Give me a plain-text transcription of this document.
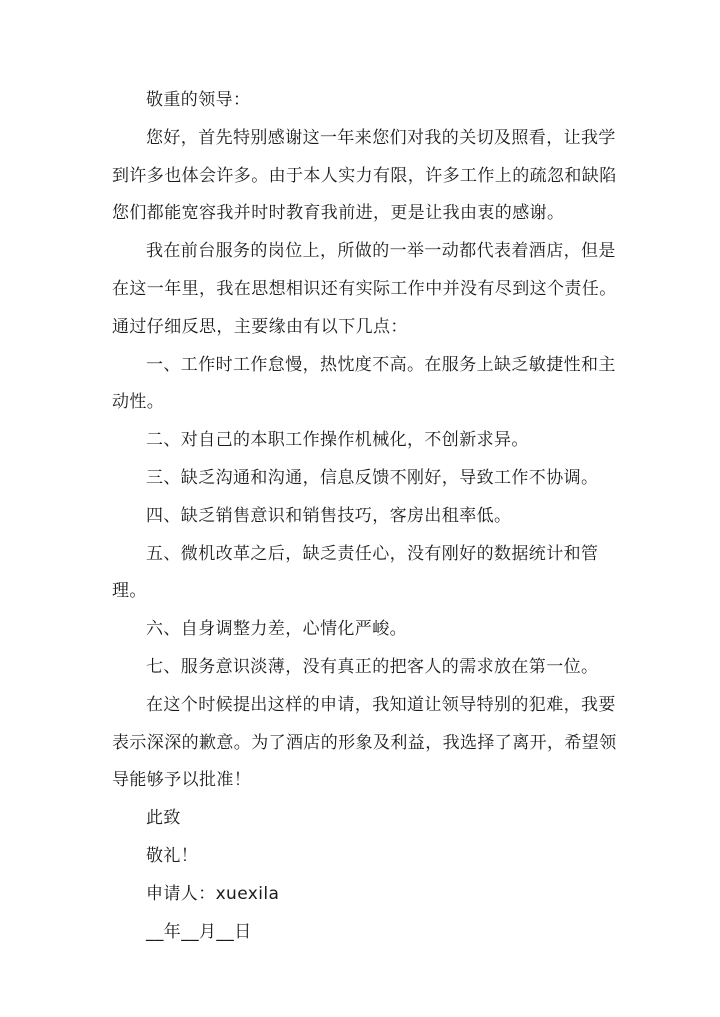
敬重的领导：

您好，首先特别感谢这一年来您们对我的关切及照看，让我学到许多也体会许多。由于本人实力有限，许多工作上的疏忽和缺陷您们都能宽容我并时时教育我前进，更是让我由衷的感谢。

我在前台服务的岗位上，所做的一举一动都代表着酒店，但是在这一年里，我在思想相识还有实际工作中并没有尽到这个责任。通过仔细反思，主要缘由有以下几点：

一、工作时工作怠慢，热忱度不高。在服务上缺乏敏捷性和主动性。

二、对自己的本职工作操作机械化，不创新求异。

三、缺乏沟通和沟通，信息反馈不刚好，导致工作不协调。

四、缺乏销售意识和销售技巧，客房出租率低。

五、微机改革之后，缺乏责任心，没有刚好的数据统计和管理。

六、自身调整力差，心情化严峻。

七、服务意识淡薄，没有真正的把客人的需求放在第一位。

在这个时候提出这样的申请，我知道让领导特别的犯难，我要表示深深的歉意。为了酒店的形象及利益，我选择了离开，希望领导能够予以批准！

此致

敬礼！

申请人：xuexila

__年__月__日
